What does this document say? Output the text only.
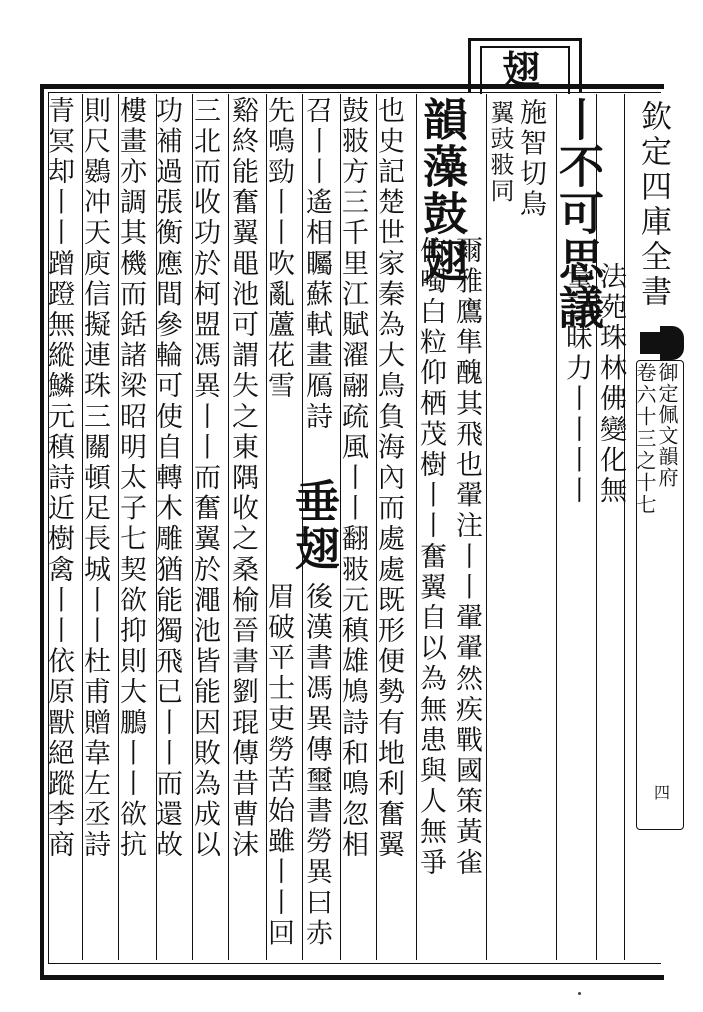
翅
欽定四庫全書
御定佩文韻府
卷六十三之十七
四
施智切鳥
翼豉翄同 丨不可思議
法苑珠林佛變化無
量三昧力丨丨丨丨
韻藻鼓翅
爾雅鷹隼醜其飛也翬注丨丨翬翬然疾戰國策黃雀
俯噣白粒仰栖茂樹丨丨奮翼自以為無患與人無爭
也史記楚世家秦為大鳥負海內而處處既形便勢有地利奮翼
鼓翄方三千里江賦濯翮疏風丨丨翻翄元稹雄鳩詩和鳴忽相
召丨丨遙相矚蘇軾畫鴈詩
垂翅
後漢書馮異傳璽書勞異曰赤
先鳴勁丨丨吹亂蘆花雪
眉破平士吏勞苦始雖丨丨回
谿終能奮翼黽池可謂失之東隅收之桑榆晉書劉琨傳昔曹沫
三北而收功於柯盟馮異丨丨而奮翼於澠池皆能因敗為成以
功補過張衡應間參輪可使自轉木雕猶能獨飛已丨丨而還故
樓畫亦調其機而銛諸梁昭明太子七契欲抑則大鵬丨丨欲抗
則尺鷃冲天庾信擬連珠三關頓足長城丨丨杜甫贈韋左丞詩
青冥却丨丨蹭蹬無縱鱗元稹詩近樹禽丨丨依原獸絕蹤李商
